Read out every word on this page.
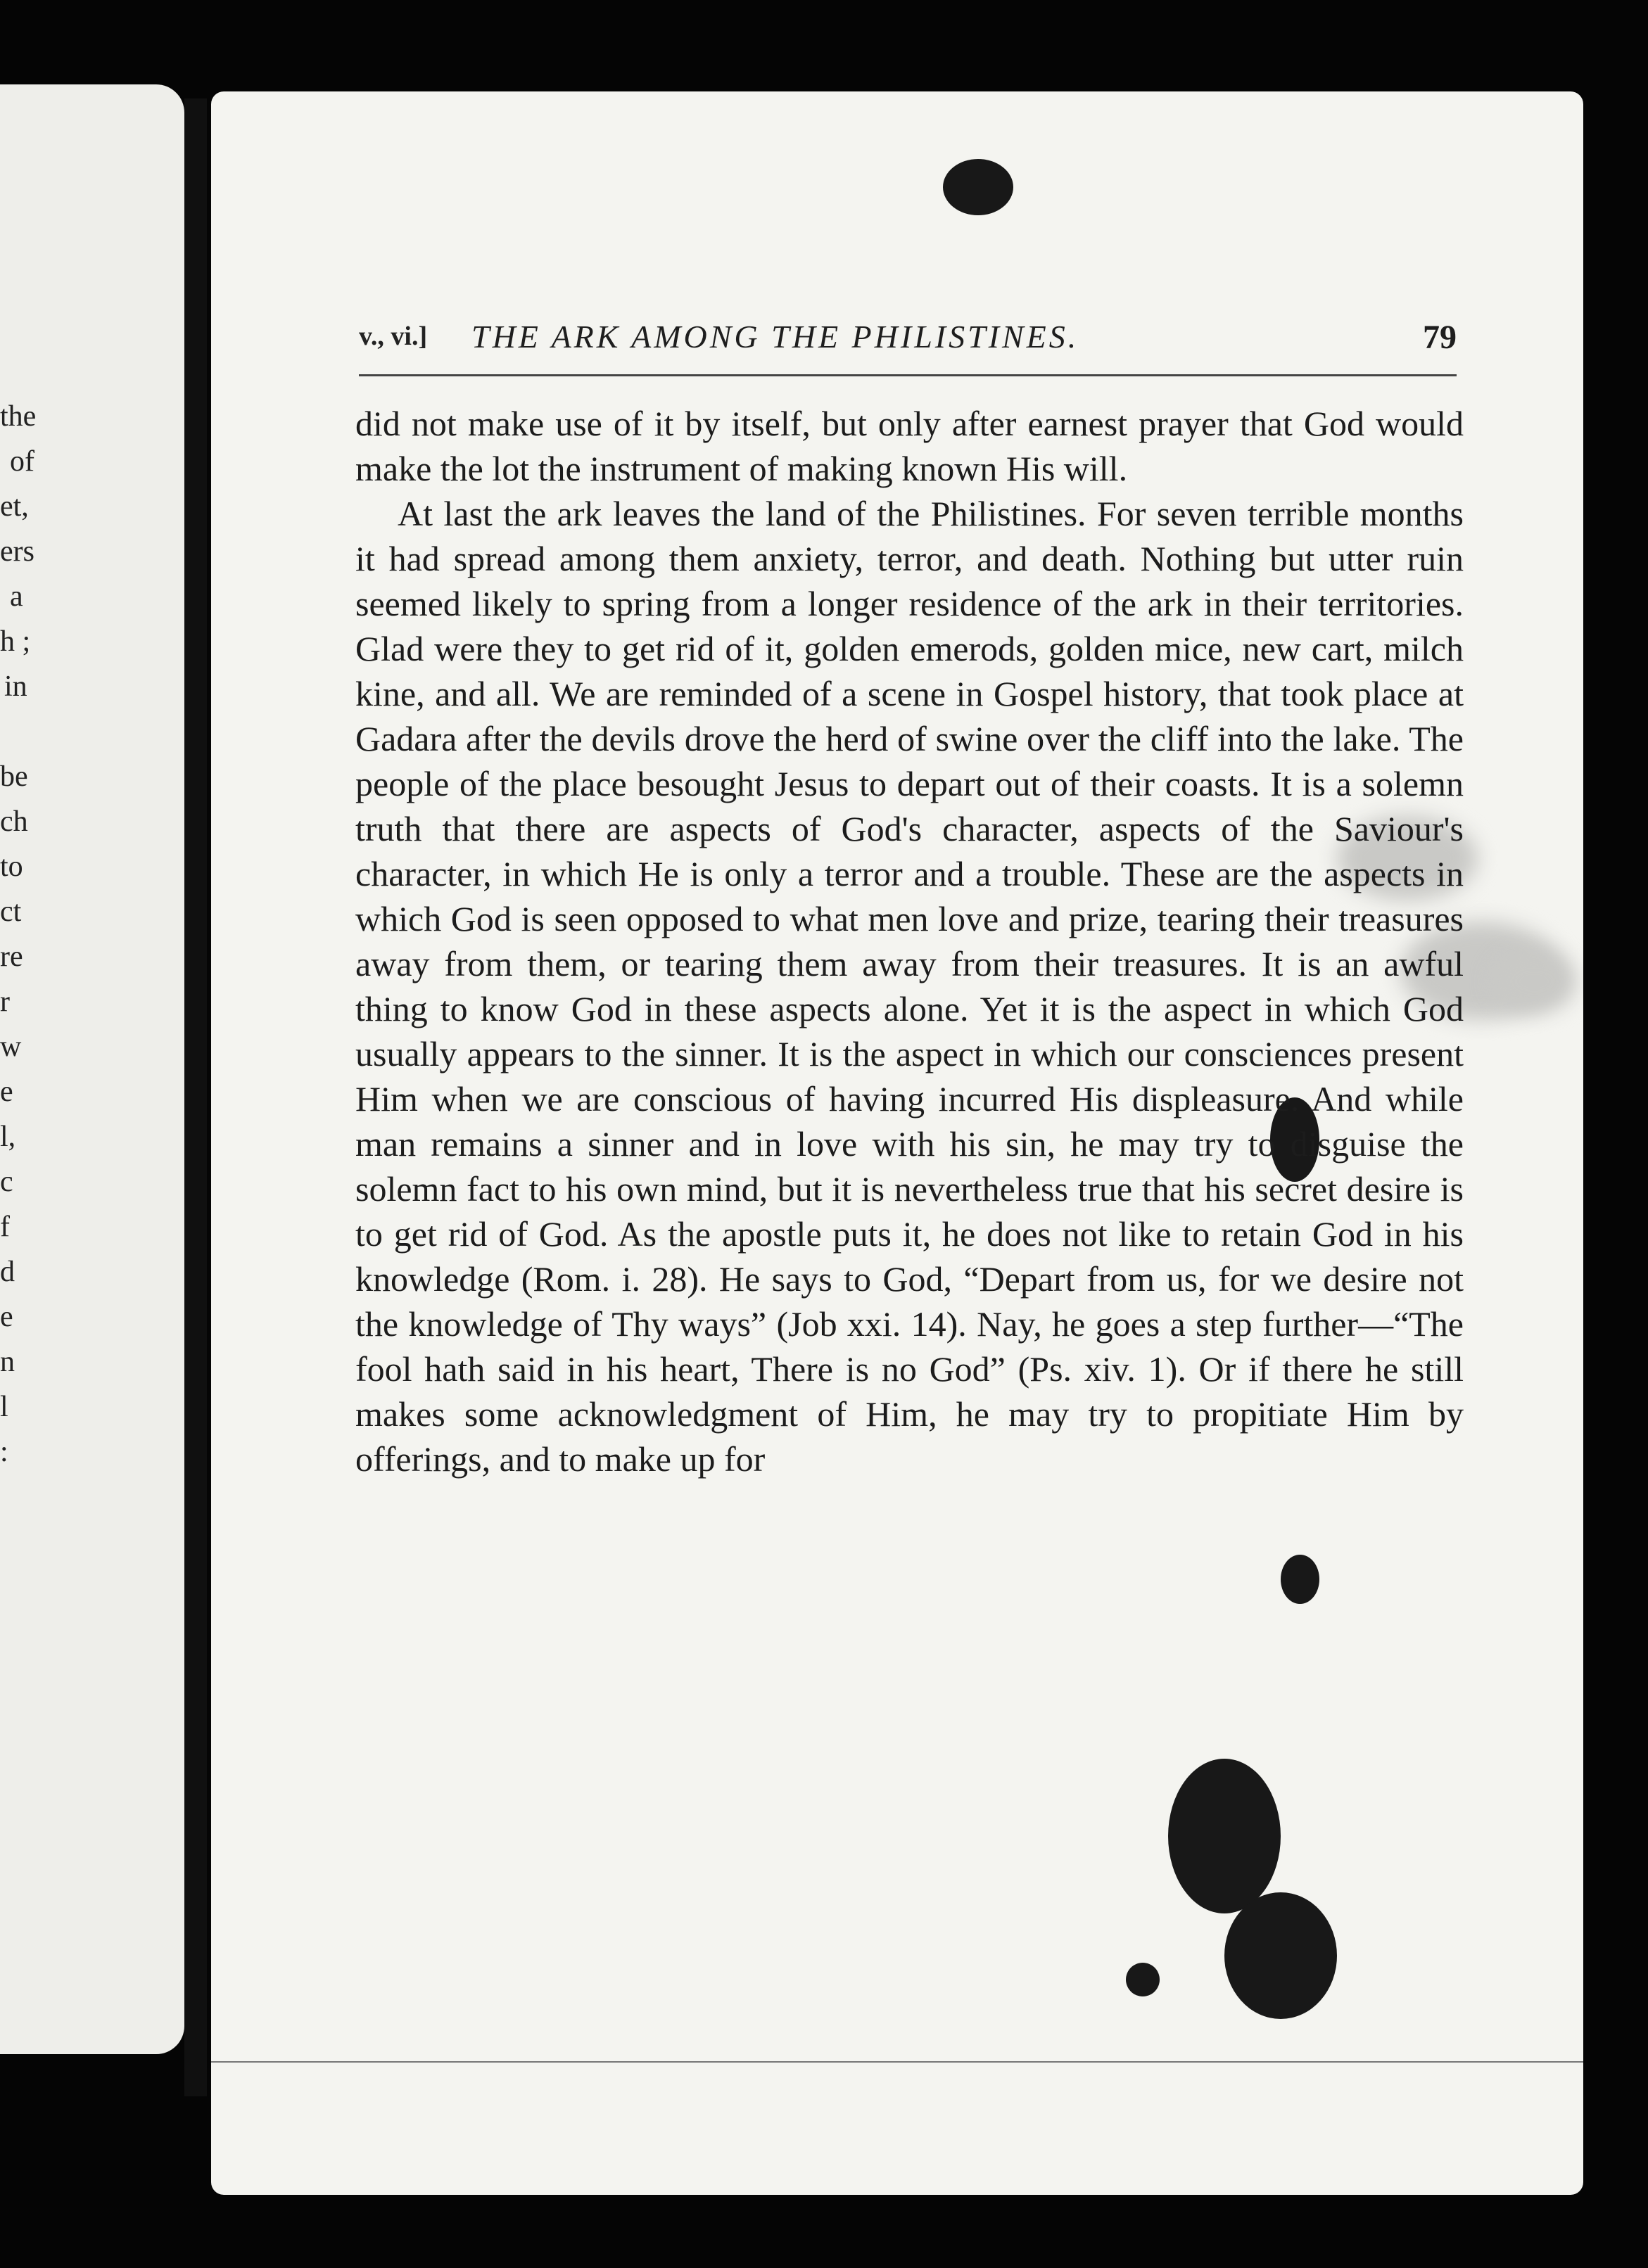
the
of
et,
ers
a
h ;
in
be
ch
to
ct
re
r
w
e
l,
c
f
d
e
n
l
:
v., vi.] THE ARK AMONG THE PHILISTINES.	79

did not make use of it by itself, but only after earnest prayer that God would make the lot the instrument of making known His will.

At last the ark leaves the land of the Philistines. For seven terrible months it had spread among them anxiety, terror, and death. Nothing but utter ruin seemed likely to spring from a longer residence of the ark in their territories. Glad were they to get rid of it, golden emerods, golden mice, new cart, milch kine, and all. We are reminded of a scene in Gospel history, that took place at Gadara after the devils drove the herd of swine over the cliff into the lake. The people of the place besought Jesus to depart out of their coasts. It is a solemn truth that there are aspects of God's character, aspects of the Saviour's character, in which He is only a terror and a trouble. These are the aspects in which God is seen opposed to what men love and prize, tearing their treasures away from them, or tearing them away from their treasures. It is an awful thing to know God in these aspects alone. Yet it is the aspect in which God usually appears to the sinner. It is the aspect in which our consciences present Him when we are conscious of having incurred His displeasure. And while man remains a sinner and in love with his sin, he may try to disguise the solemn fact to his own mind, but it is nevertheless true that his secret desire is to get rid of God. As the apostle puts it, he does not like to retain God in his knowledge (Rom. i. 28). He says to God, “Depart from us, for we desire not the knowledge of Thy ways” (Job xxi. 14). Nay, he goes a step further—“The fool hath said in his heart, There is no God” (Ps. xiv. 1). Or if there he still makes some acknowledgment of Him, he may try to propitiate Him by offerings, and to make up for
